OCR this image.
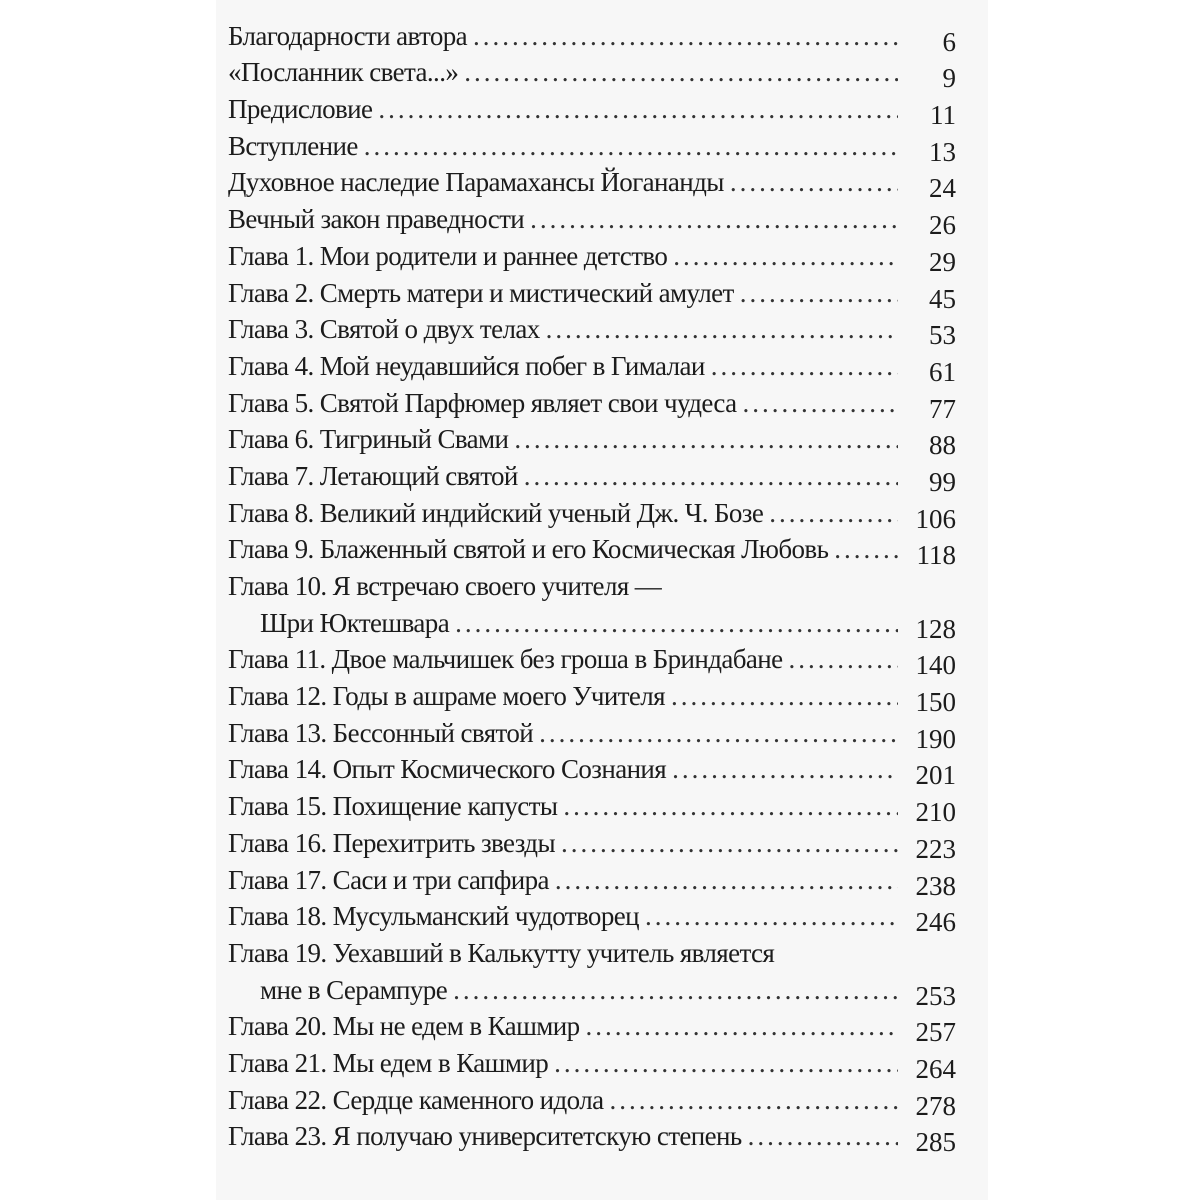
Благодарности автора .....	6
«Посланник света...» .....	9
Предисловие .....	11
Вступление .....	13
Духовное наследие Парамахансы Йогананды .....	24
Вечный закон праведности .....	26
Глава 1. Мои родители и раннее детство .....	29
Глава 2. Смерть матери и мистический амулет .....	45
Глава 3. Святой о двух телах .....	53
Глава 4. Мой неудавшийся побег в Гималаи .....	61
Глава 5. Святой Парфюмер являет свои чудеса .....	77
Глава 6. Тигриный Свами .....	88
Глава 7. Летающий святой .....	99
Глава 8. Великий индийский ученый Дж. Ч. Бозе .....	106
Глава 9. Блаженный святой и его Космическая Любовь .....	118
Глава 10. Я встречаю своего учителя —
Шри Юктешвара .....	128
Глава 11. Двое мальчишек без гроша в Бриндабане .....	140
Глава 12. Годы в ашраме моего Учителя .....	150
Глава 13. Бессонный святой .....	190
Глава 14. Опыт Космического Сознания .....	201
Глава 15. Похищение капусты .....	210
Глава 16. Перехитрить звезды .....	223
Глава 17. Саси и три сапфира .....	238
Глава 18. Мусульманский чудотворец .....	246
Глава 19. Уехавший в Калькутту учитель является
мне в Серампуре .....	253
Глава 20. Мы не едем в Кашмир .....	257
Глава 21. Мы едем в Кашмир .....	264
Глава 22. Сердце каменного идола .....	278
Глава 23. Я получаю университетскую степень .....	285
